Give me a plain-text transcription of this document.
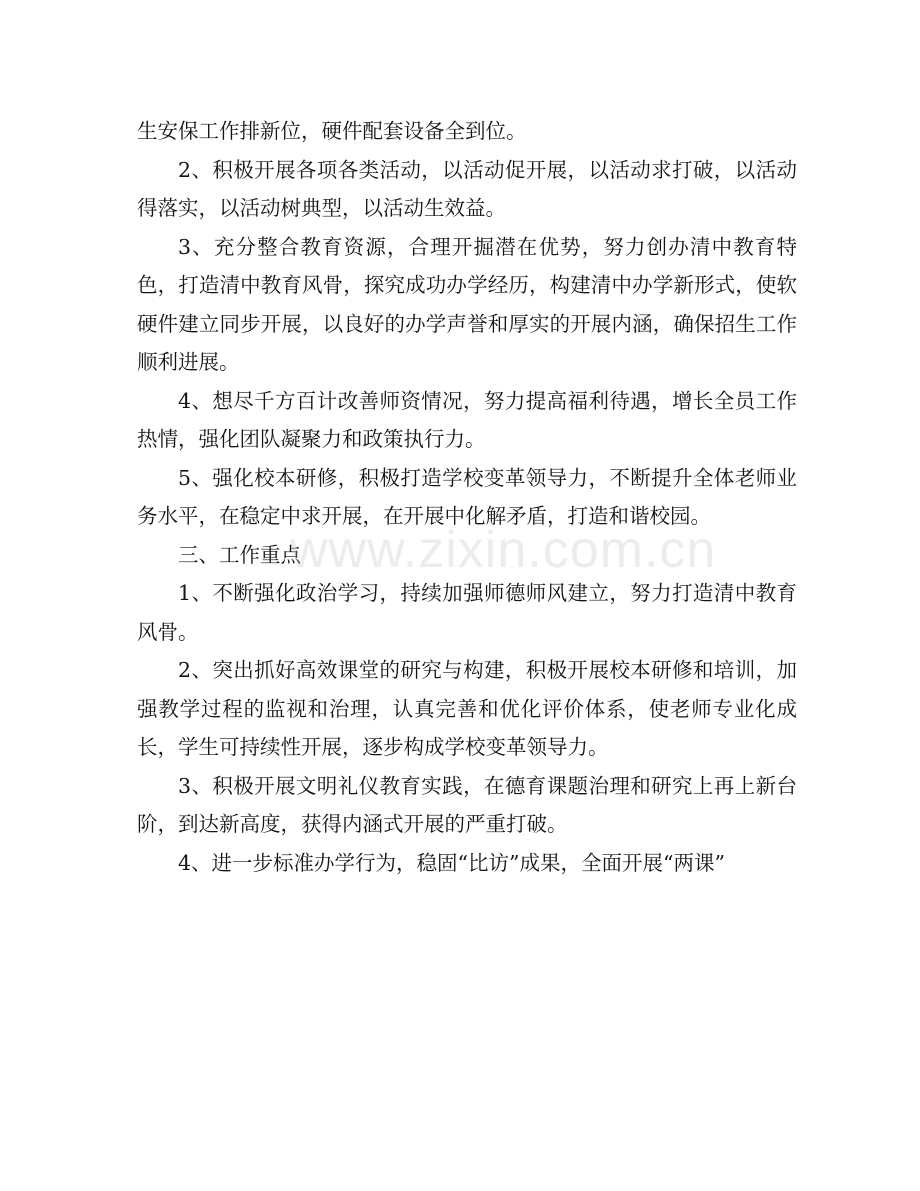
生安保工作排新位，硬件配套设备全到位。

2、积极开展各项各类活动，以活动促开展，以活动求打破，以活动得落实，以活动树典型，以活动生效益。

3、充分整合教育资源，合理开掘潜在优势，努力创办清中教育特色，打造清中教育风骨，探究成功办学经历，构建清中办学新形式，使软硬件建立同步开展，以良好的办学声誉和厚实的开展内涵，确保招生工作顺利进展。

4、想尽千方百计改善师资情况，努力提高福利待遇，增长全员工作热情，强化团队凝聚力和政策执行力。

5、强化校本研修，积极打造学校变革领导力，不断提升全体老师业务水平，在稳定中求开展，在开展中化解矛盾，打造和谐校园。

三、工作重点

1、不断强化政治学习，持续加强师德师风建立，努力打造清中教育风骨。

2、突出抓好高效课堂的研究与构建，积极开展校本研修和培训，加强教学过程的监视和治理，认真完善和优化评价体系，使老师专业化成长，学生可持续性开展，逐步构成学校变革领导力。

3、积极开展文明礼仪教育实践，在德育课题治理和研究上再上新台阶，到达新高度，获得内涵式开展的严重打破。

4、进一步标准办学行为，稳固“比访”成果，全面开展“两课”

www.zixin.com.cn
